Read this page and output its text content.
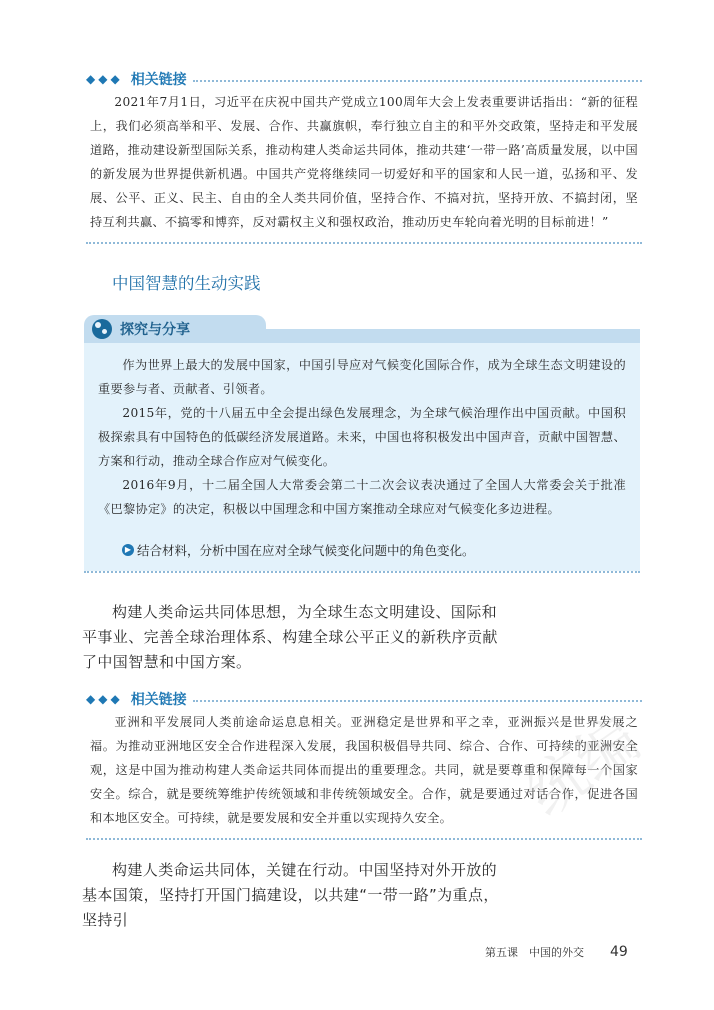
◆◆◆ 相关链接

2021年7月1日，习近平在庆祝中国共产党成立100周年大会上发表重要讲话指出：“新的征程上，我们必须高举和平、发展、合作、共赢旗帜，奉行独立自主的和平外交政策，坚持走和平发展道路，推动建设新型国际关系，推动构建人类命运共同体，推动共建‘一带一路’高质量发展，以中国的新发展为世界提供新机遇。中国共产党将继续同一切爱好和平的国家和人民一道，弘扬和平、发展、公平、正义、民主、自由的全人类共同价值，坚持合作、不搞对抗，坚持开放、不搞封闭，坚持互利共赢、不搞零和博弈，反对霸权主义和强权政治，推动历史车轮向着光明的目标前进！”

中国智慧的生动实践
探究与分享

作为世界上最大的发展中国家，中国引导应对气候变化国际合作，成为全球生态文明建设的重要参与者、贡献者、引领者。

2015年，党的十八届五中全会提出绿色发展理念，为全球气候治理作出中国贡献。中国积极探索具有中国特色的低碳经济发展道路。未来，中国也将积极发出中国声音，贡献中国智慧、方案和行动，推动全球合作应对气候变化。

2016年9月，十二届全国人大常委会第二十二次会议表决通过了全国人大常委会关于批准《巴黎协定》的决定，积极以中国理念和中国方案推动全球应对气候变化多边进程。

▶ 结合材料，分析中国在应对全球气候变化问题中的角色变化。

构建人类命运共同体思想，为全球生态文明建设、国际和平事业、完善全球治理体系、构建全球公平正义的新秩序贡献了中国智慧和中国方案。

◆◆◆ 相关链接

亚洲和平发展同人类前途命运息息相关。亚洲稳定是世界和平之幸，亚洲振兴是世界发展之福。为推动亚洲地区安全合作进程深入发展，我国积极倡导共同、综合、合作、可持续的亚洲安全观，这是中国为推动构建人类命运共同体而提出的重要理念。共同，就是要尊重和保障每一个国家安全。综合，就是要统筹维护传统领域和非传统领域安全。合作，就是要通过对话合作，促进各国和本地区安全。可持续，就是要发展和安全并重以实现持久安全。

构建人类命运共同体，关键在行动。中国坚持对外开放的基本国策，坚持打开国门搞建设，以共建“一带一路”为重点，坚持引

统编
第五课　中国的外交 49
